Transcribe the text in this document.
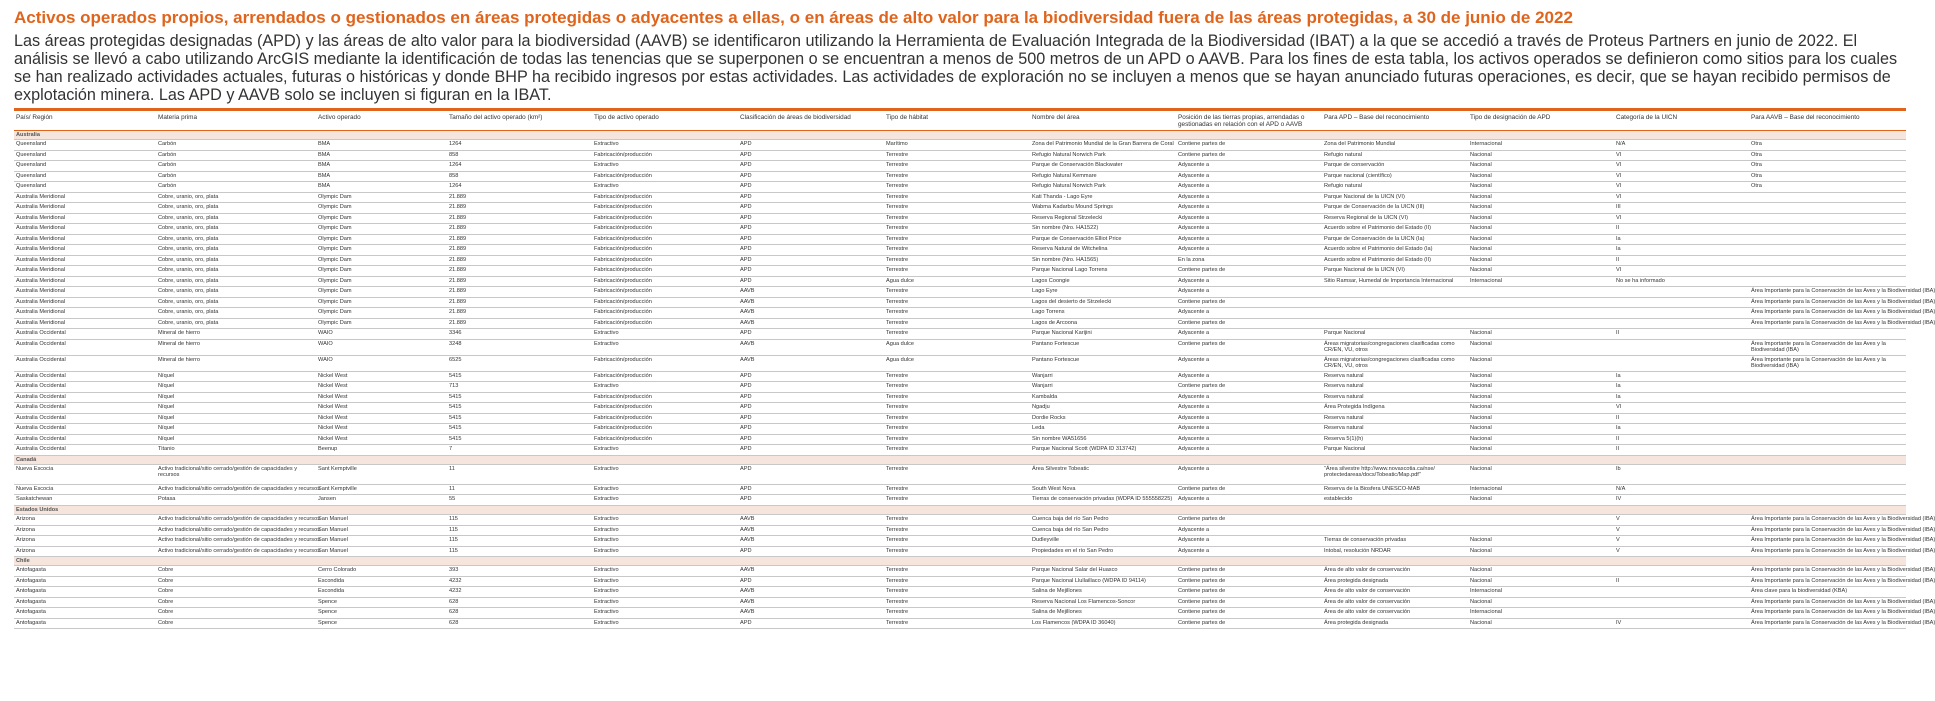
Activos operados propios, arrendados o gestionados en áreas protegidas o adyacentes a ellas, o en áreas de alto valor para la biodiversidad fuera de las áreas protegidas, a 30 de junio de 2022

Las áreas protegidas designadas (APD) y las áreas de alto valor para la biodiversidad (AAVB) se identificaron utilizando la Herramienta de Evaluación Integrada de la Biodiversidad (IBAT) a la que se accedió a través de Proteus Partners en junio de 2022. El análisis se llevó a cabo utilizando ArcGIS mediante la identificación de todas las tenencias que se superponen o se encuentran a menos de 500 metros de un APD o AAVB. Para los fines de esta tabla, los activos operados se definieron como sitios para los cuales se han realizado actividades actuales, futuras o históricas y donde BHP ha recibido ingresos por estas actividades. Las actividades de exploración no se incluyen a menos que se hayan anunciado futuras operaciones, es decir, que se hayan recibido permisos de explotación minera. Las APD y AAVB solo se incluyen si figuran en la IBAT.

País/ Región	Materia prima	Activo operado	Tamaño del activo operado (km²)	Tipo de activo operado	Clasificación de áreas de biodiversidad	Tipo de hábitat	Nombre del área	Posición de las tierras propias, arrendadas o gestionadas en relación con el APD o AAVB	Para APD – Base del reconocimiento	Tipo de designación de APD	Categoría de la UICN	Para AAVB – Base del reconocimiento
Australia												
Queensland	Carbón	BMA	1264	Extractivo	APD	Marítimo	Zona del Patrimonio Mundial de la Gran Barrera de Coral	Contiene partes de	Zona del Patrimonio Mundial	Internacional	N/A	Otra
Queensland	Carbón	BMA	858	Fabricación/producción	APD	Terrestre	Refugio Natural Norwich Park	Contiene partes de	Refugio natural	Nacional	VI	Otra
Queensland	Carbón	BMA	1264	Extractivo	APD	Terrestre	Parque de Conservación Blackwater	Adyacente a	Parque de conservación	Nacional	VI	Otra
Queensland	Carbón	BMA	858	Fabricación/producción	APD	Terrestre	Refugio Natural Kemmare	Adyacente a	Parque nacional (científico)	Nacional	VI	Otra
Queensland	Carbón	BMA	1264	Extractivo	APD	Terrestre	Refugio Natural Norwich Park	Adyacente a	Refugio natural	Nacional	VI	Otra
Australia Meridional	Cobre, uranio, oro, plata	Olympic Dam	21.889	Fabricación/producción	APD	Terrestre	Kati Thanda - Lago Eyre	Adyacente a	Parque Nacional de la UICN (VI)	Nacional	VI	
Australia Meridional	Cobre, uranio, oro, plata	Olympic Dam	21.889	Fabricación/producción	APD	Terrestre	Wabma Kadarbu Mound Springs	Adyacente a	Parque de Conservación de la UICN (III)	Nacional	III	
Australia Meridional	Cobre, uranio, oro, plata	Olympic Dam	21.889	Fabricación/producción	APD	Terrestre	Reserva Regional Strzelecki	Adyacente a	Reserva Regional de la UICN (VI)	Nacional	VI	
Australia Meridional	Cobre, uranio, oro, plata	Olympic Dam	21.889	Fabricación/producción	APD	Terrestre	Sin nombre (Nro. HA1522)	Adyacente a	Acuerdo sobre el Patrimonio del Estado (II)	Nacional	II	
Australia Meridional	Cobre, uranio, oro, plata	Olympic Dam	21.889	Fabricación/producción	APD	Terrestre	Parque de Conservación Elliot Price	Adyacente a	Parque de Conservación de la UICN (Ia)	Nacional	Ia	
Australia Meridional	Cobre, uranio, oro, plata	Olympic Dam	21.889	Fabricación/producción	APD	Terrestre	Reserva Natural de Witchelina	Adyacente a	Acuerdo sobre el Patrimonio del Estado (Ia)	Nacional	Ia	
Australia Meridional	Cobre, uranio, oro, plata	Olympic Dam	21.889	Fabricación/producción	APD	Terrestre	Sin nombre (Nro. HA1565)	En la zona	Acuerdo sobre el Patrimonio del Estado (II)	Nacional	II	
Australia Meridional	Cobre, uranio, oro, plata	Olympic Dam	21.889	Fabricación/producción	APD	Terrestre	Parque Nacional Lago Torrens	Contiene partes de	Parque Nacional de la UICN (VI)	Nacional	VI	
Australia Meridional	Cobre, uranio, oro, plata	Olympic Dam	21.889	Fabricación/producción	APD	Agua dulce	Lagos Coongie	Adyacente a	Sitio Ramsar, Humedal de Importancia Internacional	Internacional	No se ha informado	
Australia Meridional	Cobre, uranio, oro, plata	Olympic Dam	21.889	Fabricación/producción	AAVB	Terrestre	Lago Eyre	Adyacente a				Área Importante para la Conservación de las Aves y la Biodiversidad (IBA)
Australia Meridional	Cobre, uranio, oro, plata	Olympic Dam	21.889	Fabricación/producción	AAVB	Terrestre	Lagos del desierto de Strzelecki	Contiene partes de				Área Importante para la Conservación de las Aves y la Biodiversidad (IBA)
Australia Meridional	Cobre, uranio, oro, plata	Olympic Dam	21.889	Fabricación/producción	AAVB	Terrestre	Lago Torrens	Adyacente a				Área Importante para la Conservación de las Aves y la Biodiversidad (IBA)
Australia Meridional	Cobre, uranio, oro, plata	Olympic Dam	21.889	Fabricación/producción	AAVB	Terrestre	Lagos de Arcoona	Contiene partes de				Área Importante para la Conservación de las Aves y la Biodiversidad (IBA)
Australia Occidental	Mineral de hierro	WAIO	3346	Extractivo	APD	Terrestre	Parque Nacional Karijini	Adyacente a	Parque Nacional	Nacional	II	
Australia Occidental	Mineral de hierro	WAIO	3248	Extractivo	AAVB	Agua dulce	Pantano Fortescue	Contiene partes de	Áreas migratorias/congregaciones clasificadas como CR/EN, VU, otros	Nacional		Área Importante para la Conservación de las Aves y la Biodiversidad (IBA)
Australia Occidental	Mineral de hierro	WAIO	6525	Fabricación/producción	AAVB	Agua dulce	Pantano Fortescue	Adyacente a	Áreas migratorias/congregaciones clasificadas como CR/EN, VU, otros	Nacional		Área Importante para la Conservación de las Aves y la Biodiversidad (IBA)
Australia Occidental	Níquel	Nickel West	5415	Fabricación/producción	APD	Terrestre	Wanjarri	Adyacente a	Reserva natural	Nacional	Ia	
Australia Occidental	Níquel	Nickel West	713	Extractivo	APD	Terrestre	Wanjarri	Contiene partes de	Reserva natural	Nacional	Ia	
Australia Occidental	Níquel	Nickel West	5415	Fabricación/producción	APD	Terrestre	Kambalda	Adyacente a	Reserva natural	Nacional	Ia	
Australia Occidental	Níquel	Nickel West	5415	Fabricación/producción	APD	Terrestre	Ngadju	Adyacente a	Área Protegida Indígena	Nacional	VI	
Australia Occidental	Níquel	Nickel West	5415	Fabricación/producción	APD	Terrestre	Dordie Rocks	Adyacente a	Reserva natural	Nacional	II	
Australia Occidental	Níquel	Nickel West	5415	Fabricación/producción	APD	Terrestre	Leda	Adyacente a	Reserva natural	Nacional	Ia	
Australia Occidental	Níquel	Nickel West	5415	Fabricación/producción	APD	Terrestre	Sin nombre WA51656	Adyacente a	Reserva 5(1)(h)	Nacional	II	
Australia Occidental	Titanio	Beenup	7	Extractivo	APD	Terrestre	Parque Nacional Scott (WDPA ID 313742)	Adyacente a	Parque Nacional	Nacional	II	
Canadá												
Nueva Escocia	Activo tradicional/sitio cerrado/gestión de capacidades y recursos	Sant Kemptville	11	Extractivo	APD	Terrestre	Área Silvestre Tobeatic	Adyacente a	“Área silvestre http://www.novascotia.ca/nse/ protectedareas/docs/Tobeatic/Map.pdf”	Nacional	Ib	
Nueva Escocia	Activo tradicional/sitio cerrado/gestión de capacidades y recursos	Sant Kemptville	11	Extractivo	APD	Terrestre	South West Nova	Contiene partes de	Reserva de la Biosfera UNESCO-MAB	Internacional	N/A	
Saskatchewan	Potasa	Jansen	55	Extractivo	APD	Terrestre	Tierras de conservación privadas (WDPA ID 555558225)	Adyacente a	establecido	Nacional	IV	
Estados Unidos												
Arizona	Activo tradicional/sitio cerrado/gestión de capacidades y recursos	San Manuel	115	Extractivo	AAVB	Terrestre	Cuenca baja del río San Pedro	Contiene partes de			V	Área Importante para la Conservación de las Aves y la Biodiversidad (IBA)
Arizona	Activo tradicional/sitio cerrado/gestión de capacidades y recursos	San Manuel	115	Extractivo	AAVB	Terrestre	Cuenca baja del río San Pedro	Adyacente a			V	Área Importante para la Conservación de las Aves y la Biodiversidad (IBA)
Arizona	Activo tradicional/sitio cerrado/gestión de capacidades y recursos	San Manuel	115	Extractivo	AAVB	Terrestre	Dudleyville	Adyacente a	Tierras de conservación privadas	Nacional	V	Área Importante para la Conservación de las Aves y la Biodiversidad (IBA)
Arizona	Activo tradicional/sitio cerrado/gestión de capacidades y recursos	San Manuel	115	Extractivo	APD	Terrestre	Propiedades en el río San Pedro	Adyacente a	Intobal, resolución NRDAR	Nacional	V	Área Importante para la Conservación de las Aves y la Biodiversidad (IBA)
Chile												
Antofagasta	Cobre	Cerro Colorado	393	Extractivo	AAVB	Terrestre	Parque Nacional Salar del Huasco	Contiene partes de	Área de alto valor de conservación	Nacional		Área Importante para la Conservación de las Aves y la Biodiversidad (IBA)
Antofagasta	Cobre	Escondida	4232	Extractivo	APD	Terrestre	Parque Nacional Llullaillaco (WDPA ID 94114)	Contiene partes de	Área protegida designada	Nacional	II	Área Importante para la Conservación de las Aves y la Biodiversidad (IBA)
Antofagasta	Cobre	Escondida	4232	Extractivo	AAVB	Terrestre	Salina de Mejillones	Contiene partes de	Área de alto valor de conservación	Internacional		Área clave para la biodiversidad (KBA)
Antofagasta	Cobre	Spence	628	Extractivo	AAVB	Terrestre	Reserva Nacional Los Flamencos-Soncor	Contiene partes de	Área de alto valor de conservación	Nacional		Área Importante para la Conservación de las Aves y la Biodiversidad (IBA)
Antofagasta	Cobre	Spence	628	Extractivo	AAVB	Terrestre	Salina de Mejillones	Contiene partes de	Área de alto valor de conservación	Internacional		Área Importante para la Conservación de las Aves y la Biodiversidad (IBA)
Antofagasta	Cobre	Spence	628	Extractivo	APD	Terrestre	Los Flamencos (WDPA ID 36040)	Contiene partes de	Área protegida designada	Nacional	IV	Área Importante para la Conservación de las Aves y la Biodiversidad (IBA)
